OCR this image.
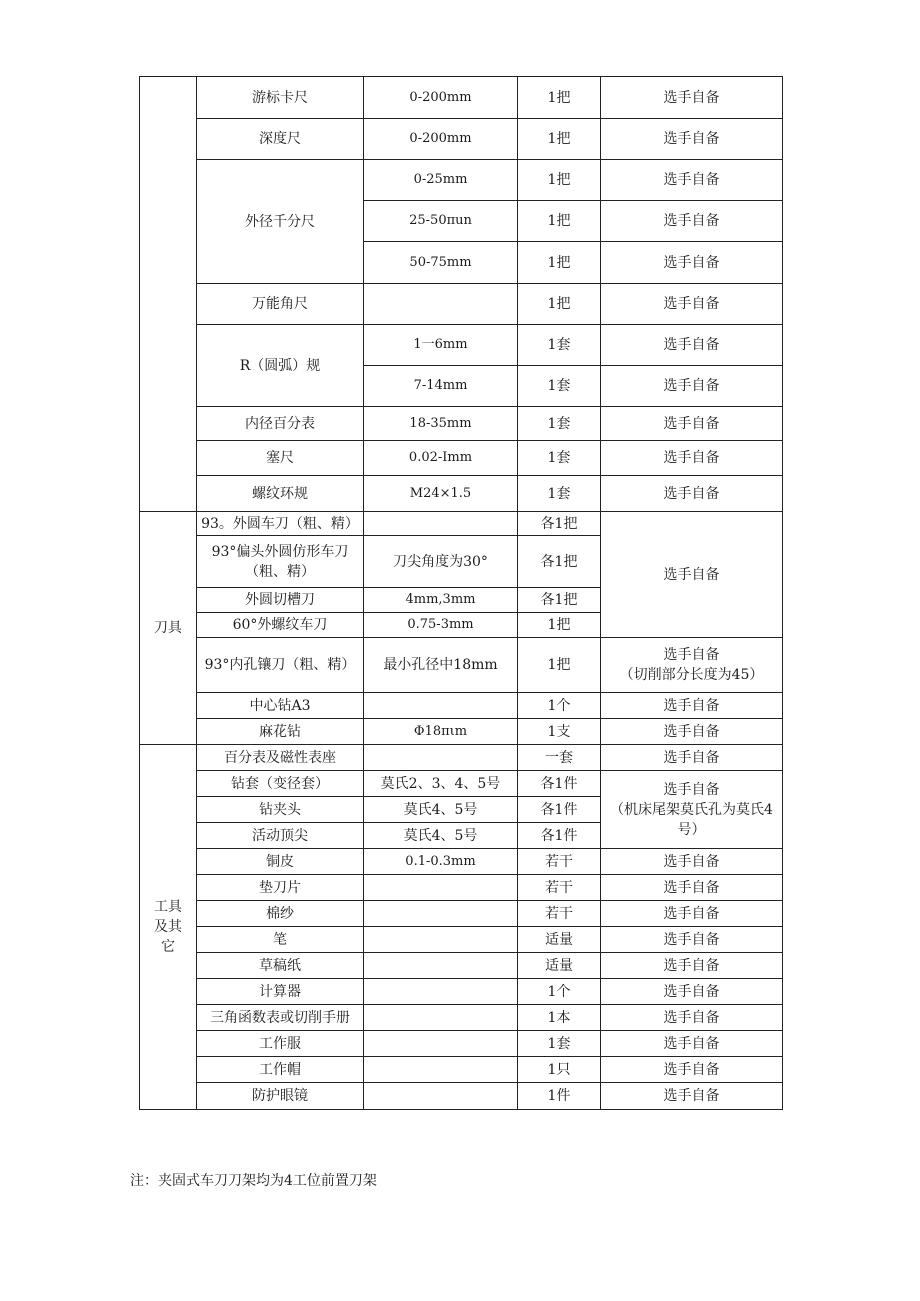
	游标卡尺	0-200mm	1把	选手自备
	深度尺	0-200mm	1把	选手自备
	外径千分尺	0-25mm	1把	选手自备
		25-50πun	1把	选手自备
		50-75mm	1把	选手自备
	万能角尺		1把	选手自备
	R（圆弧）规	1一6mm	1套	选手自备
		7-14mm	1套	选手自备
	内径百分表	18-35mm	1套	选手自备
	塞尺	0.02-Imm	1套	选手自备
	螺纹环规	M24×1.5	1套	选手自备
刀具	93。外圆车刀（粗、精）		各1把	选手自备
	93°偏头外圆仿形车刀（粗、精）	刀尖角度为30°	各1把	
	外圆切槽刀	4mm,3mm	各1把	
	60°外螺纹车刀	0.75-3mm	1把	
	93°内孔镶刀（粗、精）	最小孔径中18mm	1把	选手自备
（切削部分长度为45）

	中心钻A3		1个	选手自备
	麻花钻	Φ18πιm	1支	选手自备
工具及其它	百分表及磁性表座		一套	选手自备
	钻套（变径套）	莫氏2、3、4、5号	各1件	选手自备
（机床尾架莫氏孔为莫氏4号）

	钻夹头	莫氏4、5号	各1件	
	活动顶尖	莫氏4、5号	各1件	
	铜皮	0.1-0.3mm	若干	选手自备
	垫刀片		若干	选手自备
	棉纱		若干	选手自备
	笔		适量	选手自备
	草稿纸		适量	选手自备
	计算器		1个	选手自备
	三角函数表或切削手册		1本	选手自备
	工作服		1套	选手自备
	工作帽		1只	选手自备
	防护眼镜		1件	选手自备
注：夹固式车刀刀架均为4工位前置刀架
